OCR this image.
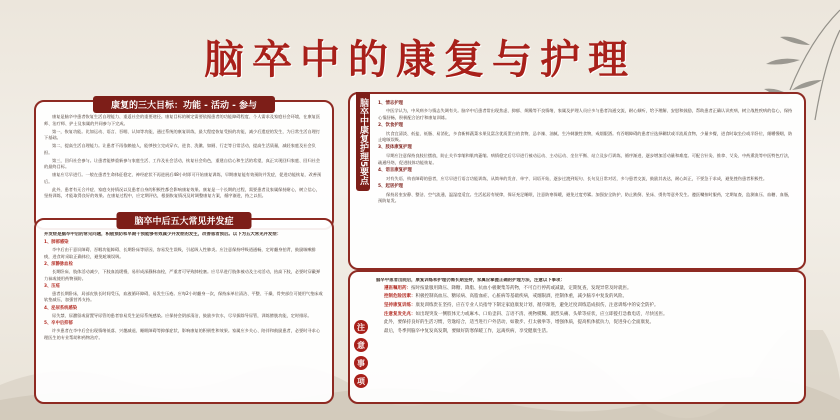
脑卒中的康复与护理
康复的三大目标：功能 - 活动 - 参与

康复是脑卒中患者恢复生活自理能力、重返社会的重要途径。康复目标的制定需要依据患者的功能障碍程度、个人需求及家庭社会环境，在康复医师、治疗师、护士及家属的共同参与下完成。

第一，恢复功能。比如运动、语言、吞咽、认知等功能，通过系统的康复训练，最大程度恢复受损的功能，减少后遗症的发生，为日常生活自理打下基础。

第二，提高生活自理能力。让患者不再依赖他人，能够独立完成穿衣、进食、洗漱、如厕、行走等日常活动，提高生活质量，减轻家庭及社会负担。

第三，回归社会参与。让患者能够重新参与家庭生活、工作及社会活动，恢复社会角色，重建自信心和生活的希望，真正实现回归家庭、回归社会的最终目标。

康复应尽早进行。一般在患者生命体征稳定、神经症状不再进展后48小时即可开始康复训练，早期康复能有效预防并发症，促进功能恢复，改善预后。

此外，患者有无合并症、家庭支持情况以及患者自身的积极性都会影响康复效果。康复是一个长期的过程，需要患者及家属保持耐心，树立信心，坚持训练，才能取得良好的效果。在康复过程中，应定期评估，根据恢复情况及时调整康复方案，循序渐进，持之以恒。

脑卒中后五大常见并发症
并发症是脑卒中后的常见问题，积极预防和早期干预能够有效减少并发症的发生，改善患者预后。以下为五大常见并发症：
1、肺部感染

卒中后由于意识障碍、吞咽功能障碍、长期卧床等原因，容易发生误吸，引起吸入性肺炎。应注意保持呼吸道通畅，定时翻身拍背，鼓励咳嗽排痰，进食时采取正确体位，避免呛咳误吸。

2、深静脉血栓

长期卧床、肢体活动减少，下肢血流缓慢，易形成深静脉血栓，严重者可导致肺栓塞。应尽早进行肢体被动及主动活动，抬高下肢，必要时穿戴弹力袜或使用药物预防。

3、压疮

患者长期卧床，局部皮肤长时间受压，血液循环障碍，易发生压疮。应每2小时翻身一次，保持床单位清洁、平整、干燥，骨突部位可使用气垫床或软垫减压，加强营养支持。

4、泌尿系统感染

尿失禁、尿潴留或留置导尿管的患者容易发生泌尿系统感染。应保持会阴部清洁，鼓励多饮水，尽早拔除导尿管，训练膀胱功能，定时排尿。

5、卒中后抑郁

许多患者在卒中后会出现情绪低落、兴趣减退、睡眠障碍等抑郁症状，影响康复的积极性和效果。家属应多关心、陪伴和鼓励患者，必要时寻求心理医生的专业帮助和药物治疗。

脑卒中康复护理5要点	1、情志护理

中医学认为，中风病多与情志失调有关。脑卒中后患者常出现焦虑、抑郁、烦躁等不良情绪，家属及护理人员应多与患者沟通交流，耐心倾听，给予理解、安慰和鼓励，帮助患者正确认识疾病，树立战胜疾病的信心，保持心情舒畅，积极配合治疗和康复训练。

2、饮食护理

饮食宜清淡、低盐、低脂、易消化，多食新鲜蔬菜水果及富含优质蛋白的食物，忌辛辣、油腻、生冷刺激性食物，戒烟限酒。有吞咽障碍的患者应选择糊状或半流质食物，少量多餐，进食时取坐位或半卧位，细嚼慢咽，防止呛咳误吸。

3、肢体康复护理

早期应注意保持良肢位摆放，防止关节挛缩和肌肉萎缩。病情稳定后尽早进行被动运动、主动运动、坐位平衡、站立及步行训练，循序渐进，逐步增加活动量和难度。可配合针灸、推拿、艾灸、中药熏洗等中医特色疗法，疏通经络，促进肢体功能恢复。

4、语言康复护理

对有失语、构音障碍的患者，应尽早进行语言功能训练，从简单的发音、单字、词语开始，逐步过渡到短句、长句及日常对话，多与患者交流，鼓励其表达，耐心纠正，不要急于求成，避免挫伤患者积极性。

5、起居护理

保持居室安静、整洁、空气流通，温湿度适宜。生活起居有规律，保证充足睡眠，注意防寒保暖，避免过度劳累。加强安全防护，防止跌倒、坠床、烫伤等意外发生。遵医嘱按时服药，定期复查，监测血压、血糖、血脂，预防复发。

注
意
事
项
脑卒中患者出院后，康复训练和护理仍需长期坚持，家属应掌握正确的护理方法，注意以下事项：

遵医嘱用药：按时按量服用降压、降糖、降脂、抗血小板聚集等药物，不可自行停药或减量，定期复查，发现异常及时就医。

控制危险因素：积极控制高血压、糖尿病、高脂血症、心脏病等基础疾病，戒烟限酒，控制体重，减少脑卒中复发的风险。

坚持康复训练：康复训练贵在坚持，应在专业人员指导下制定家庭康复计划，循序渐进，避免过度训练造成损伤，注意训练中的安全防护。

注意复发先兆：如出现突发一侧肢体无力或麻木、口角歪斜、言语不清、视物模糊、剧烈头痛、头晕等症状，应立即拨打急救电话，尽快送医。

此外，要保持良好的生活习惯，劳逸结合，适当进行户外活动，如散步、打太极拳等，增强体质，提高机体抵抗力，促进身心全面康复。

最后，冬季到脑卒中复发高发期，要做好防寒保暖工作，远离疾病，享受健康生活。
